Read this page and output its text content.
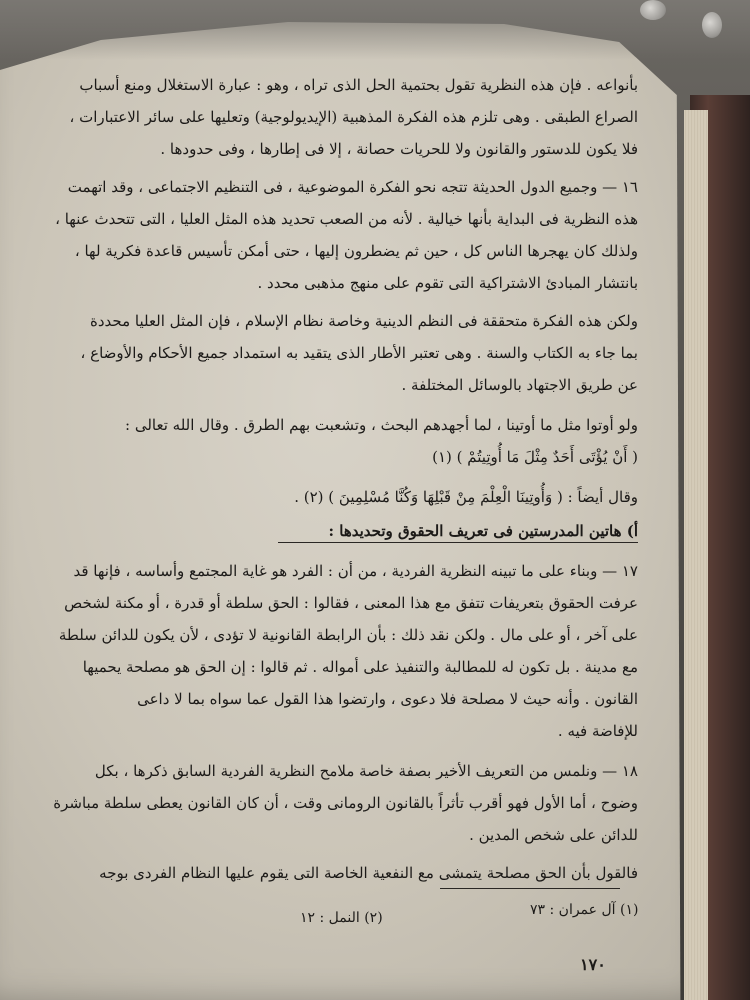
بأنواعه . فإن هذه النظرية تقول بحتمية الحل الذى تراه ، وهو : عبارة الاستغلال ومنع أسباب
الصراع الطبقى . وهى تلزم هذه الفكرة المذهبية (الإيديولوجية) وتعليها على سائر الاعتبارات ،
فلا يكون للدستور والقانون ولا للحريات حصانة ، إلا فى إطارها ، وفى حدودها .
١٦ — وجميع الدول الحديثة تتجه نحو الفكرة الموضوعية ، فى التنظيم الاجتماعى ، وقد اتهمت
هذه النظرية فى البداية بأنها خيالية . لأنه من الصعب تحديد هذه المثل العليا ، التى تتحدث عنها ،
ولذلك كان يهجرها الناس كل ، حين ثم يضطرون إليها ، حتى أمكن تأسيس قاعدة فكرية لها ،
بانتشار المبادئ الاشتراكية التى تقوم على منهج مذهبى محدد .
ولكن هذه الفكرة متحققة فى النظم الدينية وخاصة نظام الإسلام ، فإن المثل العليا محددة
بما جاء به الكتاب والسنة . وهى تعتبر الأطار الذى يتقيد به استمداد جميع الأحكام والأوضاع ،
عن طريق الاجتهاد بالوسائل المختلفة .
ولو أوتوا مثل ما أوتينا ، لما أجهدهم البحث ، وتشعبت بهم الطرق . وقال الله تعالى :
( أَنْ يُؤْتَى أَحَدٌ مِثْلَ مَا أُوتِيتُمْ ) (١)
وقال أيضاً : ( وَأُوتِينَا الْعِلْمَ مِنْ قَبْلِهَا وَكُنَّا مُسْلِمِينَ ) (٢) .
أ) هاتين المدرستين فى تعريف الحقوق وتحديدها :
١٧ — وبناء على ما تبينه النظرية الفردية ، من أن : الفرد هو غاية المجتمع وأساسه ، فإنها قد
عرفت الحقوق بتعريفات تتفق مع هذا المعنى ، فقالوا : الحق سلطة أو قدرة ، أو مكنة لشخص
على آخر ، أو على مال . ولكن نقد ذلك : بأن الرابطة القانونية لا تؤدى ، لأن يكون للدائن سلطة
مع مدينة . بل تكون له للمطالبة والتنفيذ على أمواله . ثم قالوا : إن الحق هو مصلحة يحميها
القانون . وأنه حيث لا مصلحة فلا دعوى ، وارتضوا هذا القول عما سواه بما لا داعى
للإفاضة فيه .
١٨ — ونلمس من التعريف الأخير بصفة خاصة ملامح النظرية الفردية السابق ذكرها ، بكل
وضوح ، أما الأول فهو أقرب تأثراً بالقانون الرومانى وقت ، أن كان القانون يعطى سلطة مباشرة
للدائن على شخص المدين .
فالقول بأن الحق مصلحة يتمشى مع النفعية الخاصة التى يقوم عليها النظام الفردى بوجه
(١) آل عمران : ٧٣
(٢) النمل : ١٢
١٧٠
